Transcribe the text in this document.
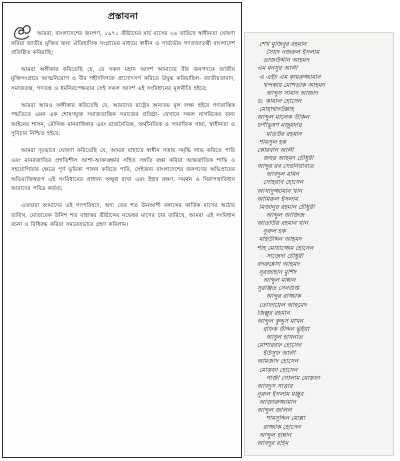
প্রস্তাবনা

আমরা, বাংলাদেশের জনগণ, ১৯৭১ খ্রীষ্টাব্দের মার্চ মাসের ২৬ তারিখে স্বাধীনতা ঘোষণা করিয়া জাতীয় মুক্তির জন্য ঐতিহাসিক সংগ্রামের মাধ্যমে স্বাধীন ও সার্বভৌম গণপ্রজাতন্ত্রী বাংলাদেশ প্রতিষ্ঠিত করিয়াছি;

আমরা অঙ্গীকার করিতেছি যে, যে সকল মহান আদর্শ আমাদের বীর জনগণকে জাতীয় মুক্তিসংগ্রামে আত্মনিয়োগ ও বীর শহীদদিগকে প্রাণোৎসর্গ করিতে উদ্বুদ্ধ করিয়াছিল- জাতীয়তাবাদ, সমাজতন্ত্র, গণতন্ত্র ও ধর্মনিরপেক্ষতার সেই সকল আদর্শ এই সংবিধানের মূলনীতি হইবে;

আমরা আরও অঙ্গীকার করিতেছি যে, আমাদের রাষ্ট্রের অন্যতম মূল লক্ষ্য হইবে গণতান্ত্রিক পদ্ধতিতে এমন এক শোষণমুক্ত সমাজতান্ত্রিক সমাজের প্রতিষ্ঠা- যেখানে সকল নাগরিকের জন্য আইনের শাসন, মৌলিক মানবাধিকার এবং রাজনৈতিক, অর্থনৈতিক ও সামাজিক সাম্য, স্বাধীনতা ও সুবিচার নিশ্চিত হইবে;

আমরা দৃঢ়ভাবে ঘোষণা করিতেছি যে, আমরা যাহাতে স্বাধীন সত্তায় সমৃদ্ধি লাভ করিতে পারি এবং মানবজাতির প্রগতিশীল আশা-আকাঙ্ক্ষার সহিত সঙ্গতি রক্ষা করিয়া আন্তর্জাতিক শান্তি ও সহযোগিতার ক্ষেত্রে পূর্ণ ভূমিকা পালন করিতে পারি, সেইজন্য বাংলাদেশের জনগণের অভিপ্রায়ের অভিব্যক্তিস্বরূপ এই সংবিধানের প্রাধান্য অক্ষুণ্ণ রাখা এবং ইহার রক্ষণ, সমর্থন ও নিরাপত্তাবিধান আমাদের পবিত্র কর্তব্য;

এতদ্বারা আমাদের এই গণপরিষদে, অদ্য তের শত ঊনআশী বঙ্গাব্দের কার্তিক মাসের আঠার তারিখ, মোতাবেক উনিশ শত বাহাত্তর খ্রীষ্টাব্দের নভেম্বর মাসের চার তারিখে, আমরা এই সংবিধান রচনা ও বিধিবদ্ধ করিয়া সমবেতভাবে গ্রহণ করিলাম।

শেখ মুজিবুর রহমান
সৈয়দ নজরুল ইসলাম
তাজউদ্দীন আহমদ
এম মনসুর আলী
এ এইচ এম কামরুজ্জামান
খন্দকার মোশতাক আহমদ
আব্দুস সামাদ আজাদ
ড. কামাল হোসেন
মোহাম্মদউল্লাহ
আব্দুল মালেক উকিল
ফণীভূষণ মজুমদার
মতিউর রহমান
শামসুল হক
কোরবান আলী
জহুর আহমদ চৌধুরী
আব্দুর রব সেরনিয়াবাত
আবদুল মমিন
সোহরাব হোসেন
আসাদুজ্জামান খান
আমিরুল ইসলাম
মিজানুর রহমান চৌধুরী
আব্দুল আজিজ
আতাউর রহমান খান
নুরুল হক
মহিউদ্দিন আহমদ
শাহ মোয়াজ্জেম হোসেন
সাজেদা চৌধুরী
বদরুন্নেসা আহমদ
নূরজাহান মুর্শিদ
আব্দুল মান্নান
সুরঞ্জিত সেনগুপ্ত
আব্দুর রাজ্জাক
তোফায়েল আহমেদ
জিল্লুর রহমান
আব্দুল কুদ্দুস মাখন
রফিক উদ্দিন ভূঁইয়া
আবুল হাসনাত
মোশাররফ হোসেন
ইউসুফ আলী
আমজাদ হোসেন
মোস্তফা হোসেন
গাজী গোলাম মোস্তফা
আবদুস সাত্তার
নুরুল ইসলাম মঞ্জুর
আক্তারুজ্জামান
আব্দুল জলিল
শামসুদ্দিন মোল্লা
রাজ্জাক হোসেন
আব্দুল হান্নান
আবদুর রহিম
